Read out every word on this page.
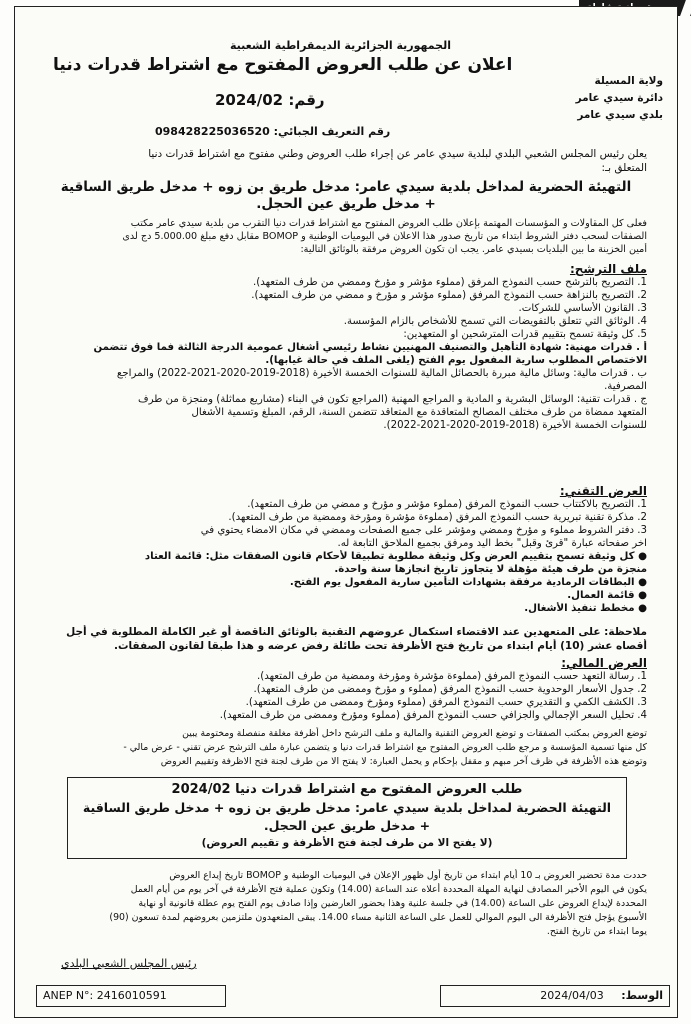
الجمهورية الجزائرية الديمقراطية الشعبية
اعلان عن طلب العروض المفتوح مع اشتراط قدرات دنيا
رقم: 2024/02
رقم التعريف الجبائي: 098428225036520
ولاية المسيلة
دائرة سيدي عامر
بلدي سيدي عامر
يعلن رئيس المجلس الشعبي البلدي لبلدية سيدي عامر عن إجراء طلب العروض وطني مفتوح مع اشتراط قدرات دنيا
المتعلق بـ:
التهيئة الحضرية لمداخل بلدية سيدي عامر: مدخل طريق بن زوه + مدخل طريق الساقية
+ مدخل طريق عين الحجل.
فعلى كل المقاولات و المؤسسات المهتمة بإعلان طلب العروض المفتوح مع اشتراط قدرات دنيا التقرب من بلدية سيدي عامر مكتب
الصفقات لسحب دفتر الشروط ابتداء من تاريخ صدور هذا الاعلان في اليوميات الوطنية و BOMOP مقابل دفع مبلغ 5.000.00 دج لدى
أمين الخزينة ما بين البلديات بسيدي عامر. يجب ان تكون العروض مرفقة بالوثائق التالية:
ملف الترشح:
1. التصريح بالترشح حسب النموذج المرفق (مملوء مؤشر و مؤرخ وممضي من طرف المتعهد).
2. التصريح بالنزاهة حسب النموذج المرفق (مملوء مؤشر و مؤرخ و ممضي من طرف المتعهد).
3. القانون الأساسي للشركات.
4. الوثائق التي تتعلق بالتفويضات التي تسمح للأشخاص بالزام المؤسسة.
5. كل وثيقة تسمح بتقييم قدرات المترشحين او المتعهدين:
أ . قدرات مهنية: شهادة التأهيل والتصنيف المهنيين نشاط رئيسي أشغال عمومية الدرجة الثالثة فما فوق تتضمن
الاختصاص المطلوب سارية المفعول يوم الفتح (يلغى الملف في حالة غيابها).
ب . قدرات مالية: وسائل مالية مبررة بالحصائل المالية للسنوات الخمسة الأخيرة (2018-2019-2020-2021-2022) والمراجع
المصرفية.
ج . قدرات تقنية: الوسائل البشرية و المادية و المراجع المهنية (المراجع تكون في البناء (مشاريع مماثلة) ومنجزة من طرف
المتعهد ممضاة من طرف مختلف المصالح المتعاقدة مع المتعاقد تتضمن السنة، الرقم، المبلغ وتسمية الأشغال
للسنوات الخمسة الأخيرة (2018-2019-2020-2021-2022).
العرض التقني:
1. التصريح بالاكتتاب حسب النموذج المرفق (مملوء مؤشر و مؤرخ و ممضي من طرف المتعهد).
2. مذكرة تقنية تبريرية حسب النموذج المرفق (مملوءة مؤشرة ومؤرخة وممضية من طرف المتعهد).
3. دفتر الشروط مملوء و مؤرخ وممضي ومؤشر على جميع الصفحات وممضي في مكان الامضاء يحتوي في
اخر صفحاته عبارة "قرئ وقبل" بخط اليد ومرفق بجميع الملاحق التابعة له.
● كل وثيقة تسمح بتقييم العرض وكل وثيقة مطلوبة تطبيقا لأحكام قانون الصفقات مثل: قائمة العتاد
منجزة من طرف هيئة مؤهلة لا يتجاوز تاريخ انجازها سنة واحدة.
● البطاقات الرمادية مرفقة بشهادات التأمين سارية المفعول يوم الفتح.
● قائمة العمال.
● مخطط تنفيذ الأشغال.
ملاحظة: على المتعهدين عند الاقتضاء استكمال عروضهم التقنية بالوثائق الناقصة أو غير الكاملة المطلوبة في أجل
أقصاه عشر (10) أيام ابتداء من تاريخ فتح الأظرفة تحت طائلة رفض عرضه و هذا طبقا لقانون الصفقات.
العرض المالي:
1. رسالة التعهد حسب النموذج المرفق (مملوءة مؤشرة ومؤرخة وممضية من طرف المتعهد).
2. جدول الأسعار الوحدوية حسب النموذج المرفق (مملوء و مؤرخ وممضى من طرف المتعهد).
3. الكشف الكمي و التقديري حسب النموذج المرفق (مملوء ومؤرخ وممضى من طرف المتعهد).
4. تحليل السعر الإجمالي والجزافي حسب النموذج المرفق (مملوء ومؤرخ وممضى من طرف المتعهد).
توضع العروض بمكتب الصفقات و توضع العروض التقنية والمالية و ملف الترشح داخل أظرفة مغلقة منفصلة ومختومة يبين
كل منها تسمية المؤسسة و مرجع طلب العروض المفتوح مع اشتراط قدرات دنيا و يتضمن عبارة ملف الترشح عرض تقني - عرض مالي -
وتوضع هذه الأظرفة في ظرف آخر مبهم و مقفل بإحكام و يحمل العبارة: لا يفتح الا من طرف لجنة فتح الاظرفة وتقييم العروض
طلب العروض المفتوح مع اشتراط قدرات دنيا 2024/02
التهيئة الحضرية لمداخل بلدية سيدي عامر: مدخل طريق بن زوه + مدخل طريق الساقية
+ مدخل طريق عين الحجل.
(لا يفتح الا من طرف لجنة فتح الأظرفة و تقييم العروض)
حددت مدة تحضير العروض بـ 10 أيام ابتداء من تاريخ أول ظهور الإعلان في اليوميات الوطنية و BOMOP تاريخ إيداع العروض
يكون في اليوم الأخير المصادف لنهاية المهلة المحددة أعلاه عند الساعة (14.00) وتكون عملية فتح الأظرفة في آخر يوم من أيام العمل
المحددة لإيداع العروض على الساعة (14.00) في جلسة علنية وهذا بحضور العارضين وإذا صادف يوم الفتح يوم عطلة قانونية أو نهاية
الأسبوع يؤجل فتح الأظرفة الى اليوم الموالي للعمل على الساعة الثانية مساء 14.00. يبقى المتعهدون ملتزمين بعروضهم لمدة تسعون (90)
يوما ابتداء من تاريخ الفتح.
رئيس المجلس الشعبي البلدي
ANEP N°: 2416010591	الوسط: 2024/04/03
